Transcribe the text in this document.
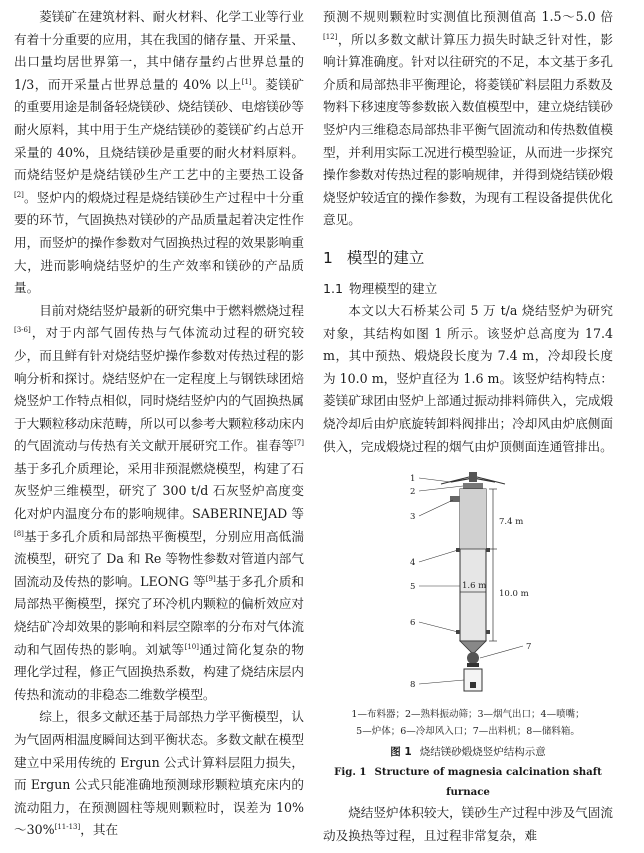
菱镁矿在建筑材料、耐火材料、化学工业等行业有着十分重要的应用，其在我国的储存量、开采量、出口量均居世界第一，其中储存量约占世界总量的 1/3，而开采量占世界总量的 40% 以上[1]。菱镁矿的重要用途是制备轻烧镁砂、烧结镁砂、电熔镁砂等耐火原料，其中用于生产烧结镁砂的菱镁矿约占总开采量的 40%，且烧结镁砂是重要的耐火材料原料。而烧结竖炉是烧结镁砂生产工艺中的主要热工设备[2]。竖炉内的煅烧过程是烧结镁砂生产过程中十分重要的环节，气固换热对镁砂的产品质量起着决定性作用，而竖炉的操作参数对气固换热过程的效果影响重大，进而影响烧结竖炉的生产效率和镁砂的产品质量。

目前对烧结竖炉最新的研究集中于燃料燃烧过程[3-6]，对于内部气固传热与气体流动过程的研究较少，而且鲜有针对烧结竖炉操作参数对传热过程的影响分析和探讨。烧结竖炉在一定程度上与钢铁球团焙烧竖炉工作特点相似，同时烧结竖炉内的气固换热属于大颗粒移动床范畴，所以可以参考大颗粒移动床内的气固流动与传热有关文献开展研究工作。崔春等[7]基于多孔介质理论，采用非预混燃烧模型，构建了石灰竖炉三维模型，研究了 300 t/d 石灰竖炉高度变化对炉内温度分布的影响规律。SABERINEJAD 等[8]基于多孔介质和局部热平衡模型，分别应用高低湍流模型，研究了 Da 和 Re 等物性参数对管道内部气固流动及传热的影响。LEONG 等[9]基于多孔介质和局部热平衡模型，探究了环冷机内颗粒的偏析效应对烧结矿冷却效果的影响和料层空隙率的分布对气体流动和气固传热的影响。刘斌等[10]通过简化复杂的物理化学过程，修正气固换热系数，构建了烧结床层内传热和流动的非稳态二维数学模型。

综上，很多文献还基于局部热力学平衡模型，认为气固两相温度瞬间达到平衡状态。多数文献在模型建立中采用传统的 Ergun 公式计算料层阻力损失，而 Ergun 公式只能准确地预测球形颗粒填充床内的流动阻力，在预测圆柱等规则颗粒时，误差为 10%～30%[11-13]，其在

预测不规则颗粒时实测值比预测值高 1.5～5.0 倍[12]，所以多数文献计算压力损失时缺乏针对性，影响计算准确度。针对以往研究的不足，本文基于多孔介质和局部热非平衡理论，将菱镁矿料层阻力系数及物料下移速度等参数嵌入数值模型中，建立烧结镁砂竖炉内三维稳态局部热非平衡气固流动和传热数值模型，并利用实际工况进行模型验证，从而进一步探究操作参数对传热过程的影响规律，并得到烧结镁砂煅烧竖炉较适宜的操作参数，为现有工程设备提供优化意见。

1 模型的建立
1.1 物理模型的建立

本文以大石桥某公司 5 万 t/a 烧结竖炉为研究对象，其结构如图 1 所示。该竖炉总高度为 17.4 m，其中预热、煅烧段长度为 7.4 m，冷却段长度为 10.0 m，竖炉直径为 1.6 m。该竖炉结构特点：菱镁矿球团由竖炉上部通过振动排料筛供入，完成煅烧冷却后由炉底旋转卸料阀排出；冷却风由炉底侧面供入，完成煅烧过程的烟气由炉顶侧面连通管排出。

7.4 m
10.0 m
1.6 m
1
2
3
4
5
6
7
8
1—布料器；2—熟料振动筛；3—烟气出口；4—喷嘴；
5—炉体；6—冷却风入口；7—出料机；8—储料箱。
图 1 烧结镁砂煅烧竖炉结构示意
Fig. 1 Structure of magnesia calcination shaft furnace

烧结竖炉体积较大，镁砂生产过程中涉及气固流动及换热等过程，且过程非常复杂，难
